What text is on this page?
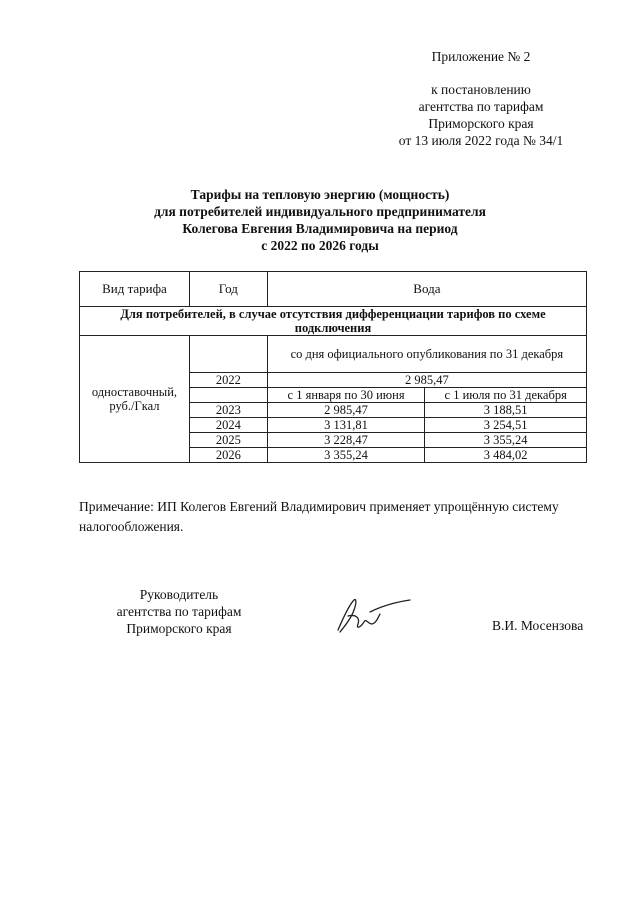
Приложение № 2
к постановлению
агентства по тарифам
Приморского края
от 13 июля 2022 года № 34/1
Тарифы на тепловую энергию (мощность)
для потребителей индивидуального предпринимателя
Колегова Евгения Владимировича на период
с 2022 по 2026 годы
Вид тарифа	Год	Вода	
Для потребителей, в случае отсутствия дифференциации тарифов по схеме подключения			
одноставочный, руб./Гкал		со дня официального опубликования по 31 декабря	
	2022	2 985,47	
		с 1 января по 30 июня	с 1 июля по 31 декабря
	2023	2 985,47	3 188,51
	2024	3 131,81	3 254,51
	2025	3 228,47	3 355,24
	2026	3 355,24	3 484,02
Примечание: ИП Колегов Евгений Владимирович применяет упрощённую систему налогообложения.
Руководитель
агентства по тарифам
Приморского края	В.И. Мосензова
